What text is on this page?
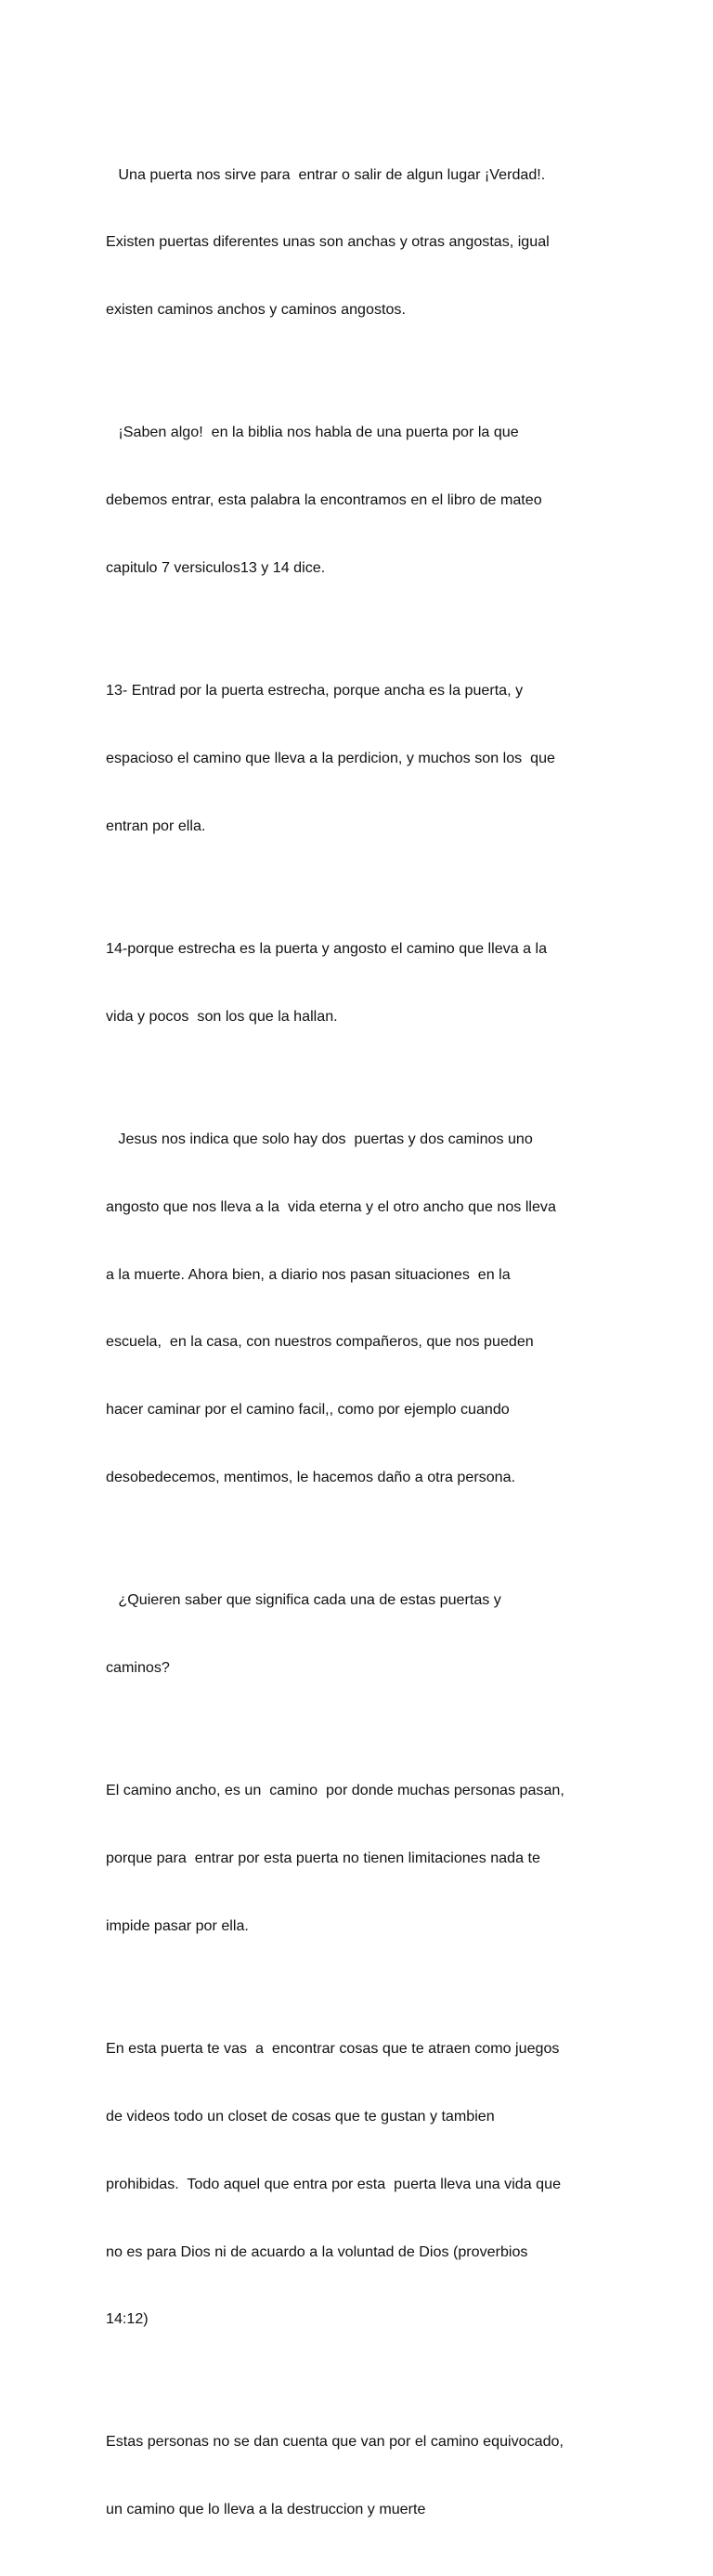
Una puerta nos sirve para  entrar o salir de algun lugar ¡Verdad!.

Existen puertas diferentes unas son anchas y otras angostas, igual

existen caminos anchos y caminos angostos.

¡Saben algo!  en la biblia nos habla de una puerta por la que

debemos entrar, esta palabra la encontramos en el libro de mateo

capitulo 7 versiculos13 y 14 dice.

13- Entrad por la puerta estrecha, porque ancha es la puerta, y

espacioso el camino que lleva a la perdicion, y muchos son los  que

entran por ella.

14-porque estrecha es la puerta y angosto el camino que lleva a la

vida y pocos  son los que la hallan.

Jesus nos indica que solo hay dos  puertas y dos caminos uno

angosto que nos lleva a la  vida eterna y el otro ancho que nos lleva

a la muerte. Ahora bien, a diario nos pasan situaciones  en la

escuela,  en la casa, con nuestros compañeros, que nos pueden

hacer caminar por el camino facil,, como por ejemplo cuando

desobedecemos, mentimos, le hacemos daño a otra persona.

¿Quieren saber que significa cada una de estas puertas y

caminos?

El camino ancho, es un  camino  por donde muchas personas pasan,

porque para  entrar por esta puerta no tienen limitaciones nada te

impide pasar por ella.

En esta puerta te vas  a  encontrar cosas que te atraen como juegos

de videos todo un closet de cosas que te gustan y tambien

prohibidas.  Todo aquel que entra por esta  puerta lleva una vida que

no es para Dios ni de acuardo a la voluntad de Dios (proverbios

14:12)

Estas personas no se dan cuenta que van por el camino equivocado,

un camino que lo lleva a la destruccion y muerte
